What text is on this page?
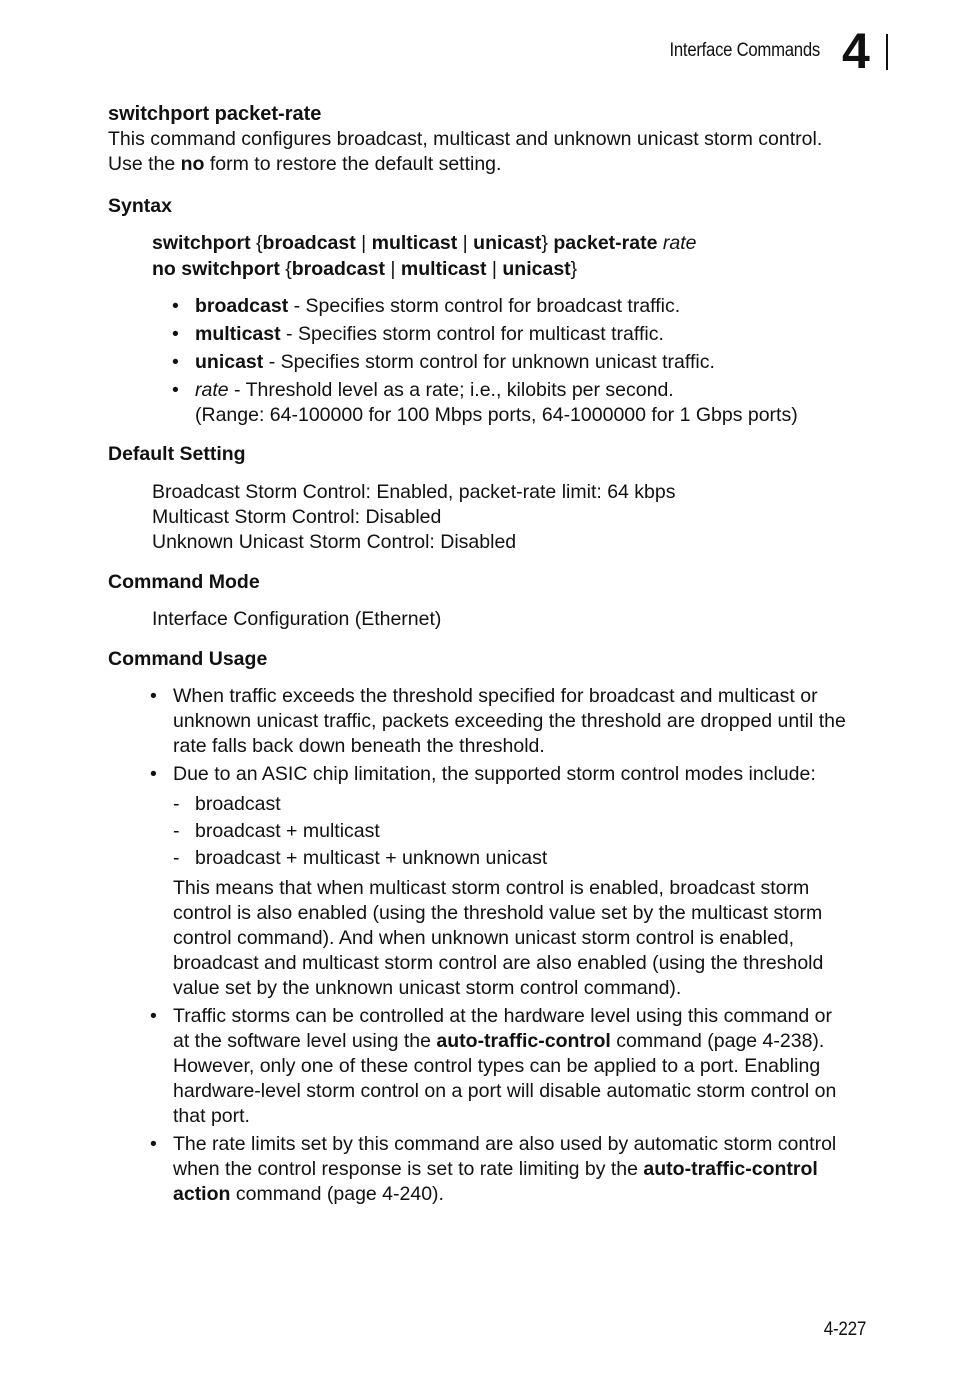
Interface Commands 4

switchport packet-rate

This command configures broadcast, multicast and unknown unicast storm control.
Use the no form to restore the default setting.

Syntax

switchport {broadcast | multicast | unicast} packet-rate rate

no switchport {broadcast | multicast | unicast}

• broadcast - Specifies storm control for broadcast traffic.
• multicast - Specifies storm control for multicast traffic.
• unicast - Specifies storm control for unknown unicast traffic.
• rate - Threshold level as a rate; i.e., kilobits per second.
(Range: 64-100000 for 100 Mbps ports, 64-1000000 for 1 Gbps ports)

Default Setting

Broadcast Storm Control: Enabled, packet-rate limit: 64 kbps

Multicast Storm Control: Disabled

Unknown Unicast Storm Control: Disabled

Command Mode

Interface Configuration (Ethernet)

Command Usage

• When traffic exceeds the threshold specified for broadcast and multicast or
unknown unicast traffic, packets exceeding the threshold are dropped until the
rate falls back down beneath the threshold.
• Due to an ASIC chip limitation, the supported storm control modes include:
- broadcast
- broadcast + multicast
- broadcast + multicast + unknown unicast
This means that when multicast storm control is enabled, broadcast storm
control is also enabled (using the threshold value set by the multicast storm
control command). And when unknown unicast storm control is enabled,
broadcast and multicast storm control are also enabled (using the threshold
value set by the unknown unicast storm control command).
• Traffic storms can be controlled at the hardware level using this command or
at the software level using the auto-traffic-control command (page 4-238).
However, only one of these control types can be applied to a port. Enabling
hardware-level storm control on a port will disable automatic storm control on
that port.
• The rate limits set by this command are also used by automatic storm control
when the control response is set to rate limiting by the auto-traffic-control
action command (page 4-240).
4-227
